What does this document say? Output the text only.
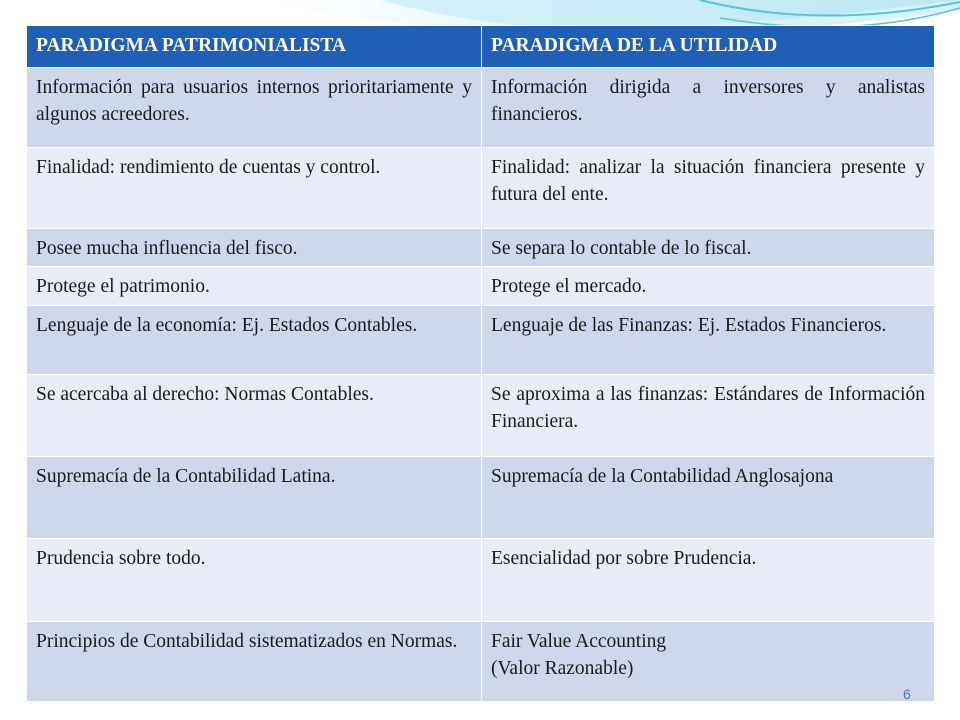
PARADIGMA PATRIMONIALISTA	PARADIGMA DE LA UTILIDAD
Información para usuarios internos prioritariamente y algunos acreedores.	Información dirigida a inversores y analistas financieros.
Finalidad: rendimiento de cuentas y control.	Finalidad: analizar la situación financiera presente y futura del ente.
Posee mucha influencia del fisco.	Se separa lo contable de lo fiscal.
Protege el patrimonio.	Protege el mercado.
Lenguaje de la economía: Ej. Estados Contables.	Lenguaje de las Finanzas: Ej. Estados Financieros.
Se acercaba al derecho: Normas Contables.	Se aproxima a las finanzas: Estándares de Información Financiera.
Supremacía de la Contabilidad Latina.	Supremacía de la Contabilidad Anglosajona
Prudencia sobre todo.	Esencialidad por sobre Prudencia.
Principios de Contabilidad sistematizados en Normas.	Fair Value Accounting
(Valor Razonable)
6
